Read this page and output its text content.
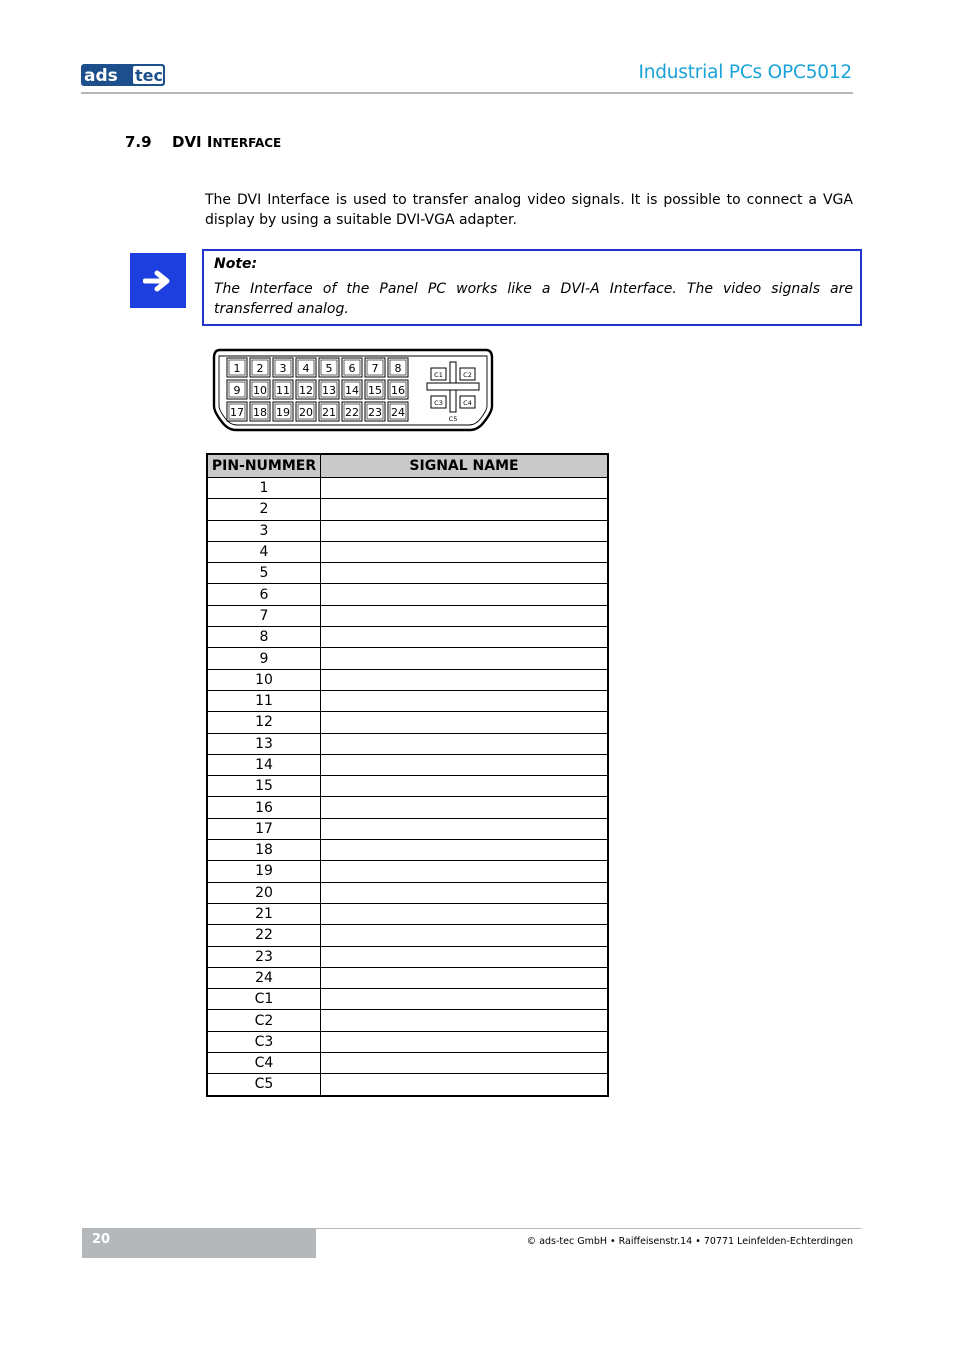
ads tec	Industrial PCs OPC5012
7.9 DVI INTERFACE
The DVI Interface is used to transfer analog video signals. It is possible to connect a VGA display by using a suitable DVI-VGA adapter.
Note:
The Interface of the Panel PC works like a DVI-A Interface. The video signals are transferred analog.
1 2 3 4 5 6 7 8
9 10 11 12 13 14 15 16
17 18 19 20 21 22 23 24
C1	C2
C3	C4
C5
PIN-NUMMER	SIGNAL NAME
1	
2	
3	
4	
5	
6	
7	
8	
9	
10	
11	
12	
13	
14	
15	
16	
17	
18	
19	
20	
21	
22	
23	
24	
C1	
C2	
C3	
C4	
C5	
20	© ads-tec GmbH • Raiffeisenstr.14 • 70771 Leinfelden-Echterdingen
